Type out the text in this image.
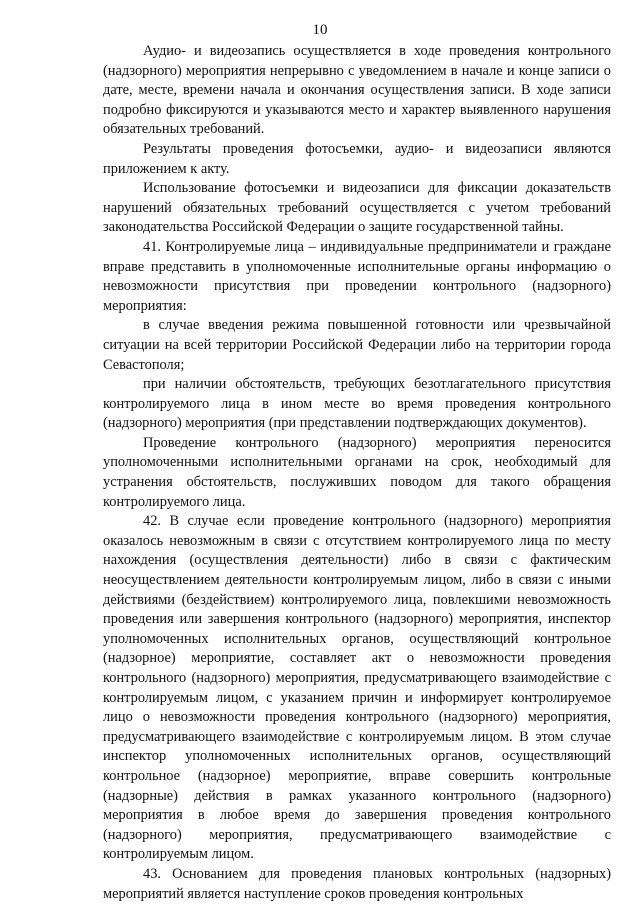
10

Аудио- и видеозапись осуществляется в ходе проведения контрольного (надзорного) мероприятия непрерывно с уведомлением в начале и конце записи о дате, месте, времени начала и окончания осуществления записи. В ходе записи подробно фиксируются и указываются место и характер выявленного нарушения обязательных требований.

Результаты проведения фотосъемки, аудио- и видеозаписи являются приложением к акту.

Использование фотосъемки и видеозаписи для фиксации доказательств нарушений обязательных требований осуществляется с учетом требований законодательства Российской Федерации о защите государственной тайны.

41. Контролируемые лица – индивидуальные предприниматели и граждане вправе представить в уполномоченные исполнительные органы информацию о невозможности присутствия при проведении контрольного (надзорного) мероприятия:

в случае введения режима повышенной готовности или чрезвычайной ситуации на всей территории Российской Федерации либо на территории города Севастополя;

при наличии обстоятельств, требующих безотлагательного присутствия контролируемого лица в ином месте во время проведения контрольного (надзорного) мероприятия (при представлении подтверждающих документов).

Проведение контрольного (надзорного) мероприятия переносится уполномоченными исполнительными органами на срок, необходимый для устранения обстоятельств, послуживших поводом для такого обращения контролируемого лица.

42. В случае если проведение контрольного (надзорного) мероприятия оказалось невозможным в связи с отсутствием контролируемого лица по месту нахождения (осуществления деятельности) либо в связи с фактическим неосуществлением деятельности контролируемым лицом, либо в связи с иными действиями (бездействием) контролируемого лица, повлекшими невозможность проведения или завершения контрольного (надзорного) мероприятия, инспектор уполномоченных исполнительных органов, осуществляющий контрольное (надзорное) мероприятие, составляет акт о невозможности проведения контрольного (надзорного) мероприятия, предусматривающего взаимодействие с контролируемым лицом, с указанием причин и информирует контролируемое лицо о невозможности проведения контрольного (надзорного) мероприятия, предусматривающего взаимодействие с контролируемым лицом. В этом случае инспектор уполномоченных исполнительных органов, осуществляющий контрольное (надзорное) мероприятие, вправе совершить контрольные (надзорные) действия в рамках указанного контрольного (надзорного) мероприятия в любое время до завершения проведения контрольного (надзорного) мероприятия, предусматривающего взаимодействие с контролируемым лицом.

43. Основанием для проведения плановых контрольных (надзорных) мероприятий является наступление сроков проведения контрольных
